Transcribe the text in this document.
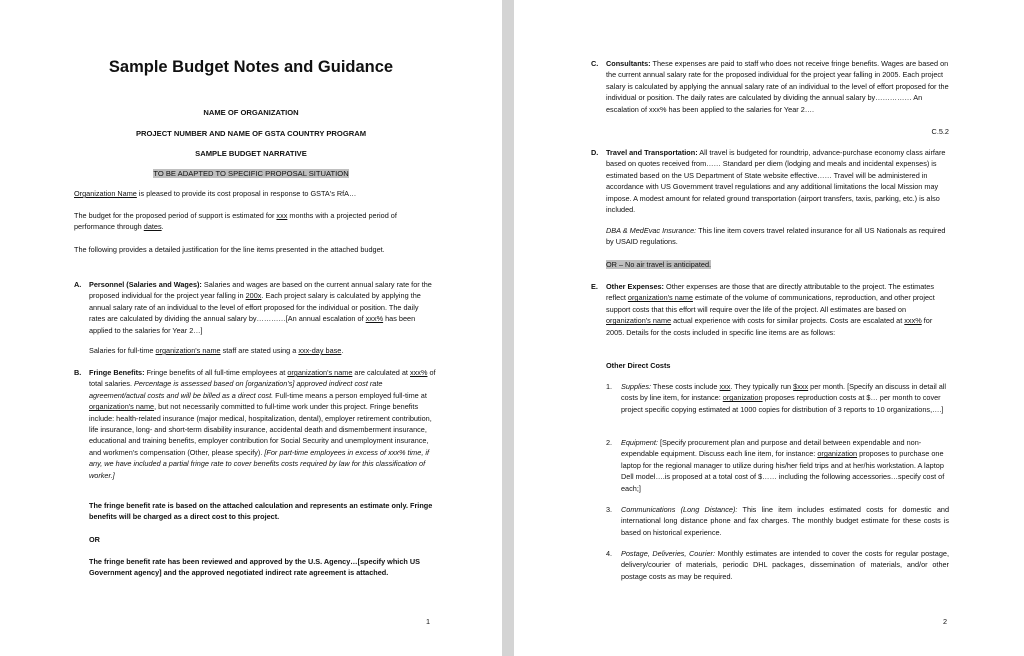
Sample Budget Notes and Guidance
NAME OF ORGANIZATION
PROJECT NUMBER AND NAME OF GSTA COUNTRY PROGRAM
SAMPLE BUDGET NARRATIVE
TO BE ADAPTED TO SPECIFIC PROPOSAL SITUATION
Organization Name is pleased to provide its cost proposal in response to GSTA's RfA…
The budget for the proposed period of support is estimated for xxx months with a projected period of performance through dates.
The following provides a detailed justification for the line items presented in the attached budget.
A. Personnel (Salaries and Wages): Salaries and wages are based on the current annual salary rate for the proposed individual for the project year falling in 200x. Each project salary is calculated by applying the annual salary rate of an individual to the level of effort proposed for the individual or position. The daily rates are calculated by dividing the annual salary by…………[An annual escalation of xxx% has been applied to the salaries for Year 2…]
Salaries for full-time organization's name staff are stated using a xxx-day base.
B. Fringe Benefits: Fringe benefits of all full-time employees at organization's name are calculated at xxx% of total salaries. Percentage is assessed based on [organization's] approved indirect cost rate agreement/actual costs and will be billed as a direct cost. Full-time means a person employed full-time at organization's name, but not necessarily committed to full-time work under this project. Fringe benefits include: health-related insurance (major medical, hospitalization, dental), employer retirement contribution, life insurance, long- and short-term disability insurance, accidental death and dismemberment insurance, educational and training benefits, employer contribution for Social Security and unemployment insurance, and workmen's compensation (Other, please specify). [For part-time employees in excess of xxx% time, if any, we have included a partial fringe rate to cover benefits costs required by law for this classification of worker.]
The fringe benefit rate is based on the attached calculation and represents an estimate only. Fringe benefits will be charged as a direct cost to this project.
OR
The fringe benefit rate has been reviewed and approved by the U.S. Agency…[specify which US Government agency] and the approved negotiated indirect rate agreement is attached.
1
C. Consultants: These expenses are paid to staff who does not receive fringe benefits. Wages are based on the current annual salary rate for the proposed individual for the project year falling in 2005. Each project salary is calculated by applying the annual salary rate of an individual to the level of effort proposed for the individual or position. The daily rates are calculated by dividing the annual salary by…………… An escalation of xxx% has been applied to the salaries for Year 2….
C.5.2
D. Travel and Transportation: All travel is budgeted for roundtrip, advance-purchase economy class airfare based on quotes received from…… Standard per diem (lodging and meals and incidental expenses) is estimated based on the US Department of State website effective…… Travel will be administered in accordance with US Government travel regulations and any additional limitations the local Mission may impose. A modest amount for related ground transportation (airport transfers, taxis, parking, etc.) is also included.
DBA & MedEvac Insurance: This line item covers travel related insurance for all US Nationals as required by USAID regulations.
OR – No air travel is anticipated.
E. Other Expenses: Other expenses are those that are directly attributable to the project. The estimates reflect organization's name estimate of the volume of communications, reproduction, and other project support costs that this effort will require over the life of the project. All estimates are based on organization's name actual experience with costs for similar projects. Costs are escalated at xxx% for 2005. Details for the costs included in specific line items are as follows:
Other Direct Costs
1. Supplies: These costs include xxx. They typically run $xxx per month. [Specify an discuss in detail all costs by line item, for instance: organization proposes reproduction costs at $… per month to cover project specific copying estimated at 1000 copies for distribution of 3 reports to 10 organizations,….]
2. Equipment: [Specify procurement plan and purpose and detail between expendable and non-expendable equipment. Discuss each line item, for instance: organization proposes to purchase one laptop for the regional manager to utilize during his/her field trips and at her/his workstation. A laptop Dell model….is proposed at a total cost of $…… including the following accessories…specify cost of each;]
3. Communications (Long Distance): This line item includes estimated costs for domestic and international long distance phone and fax charges. The monthly budget estimate for these costs is based on historical experience.
4. Postage, Deliveries, Courier: Monthly estimates are intended to cover the costs for regular postage, delivery/courier of materials, periodic DHL packages, dissemination of materials, and/or other postage costs as may be required.
2
